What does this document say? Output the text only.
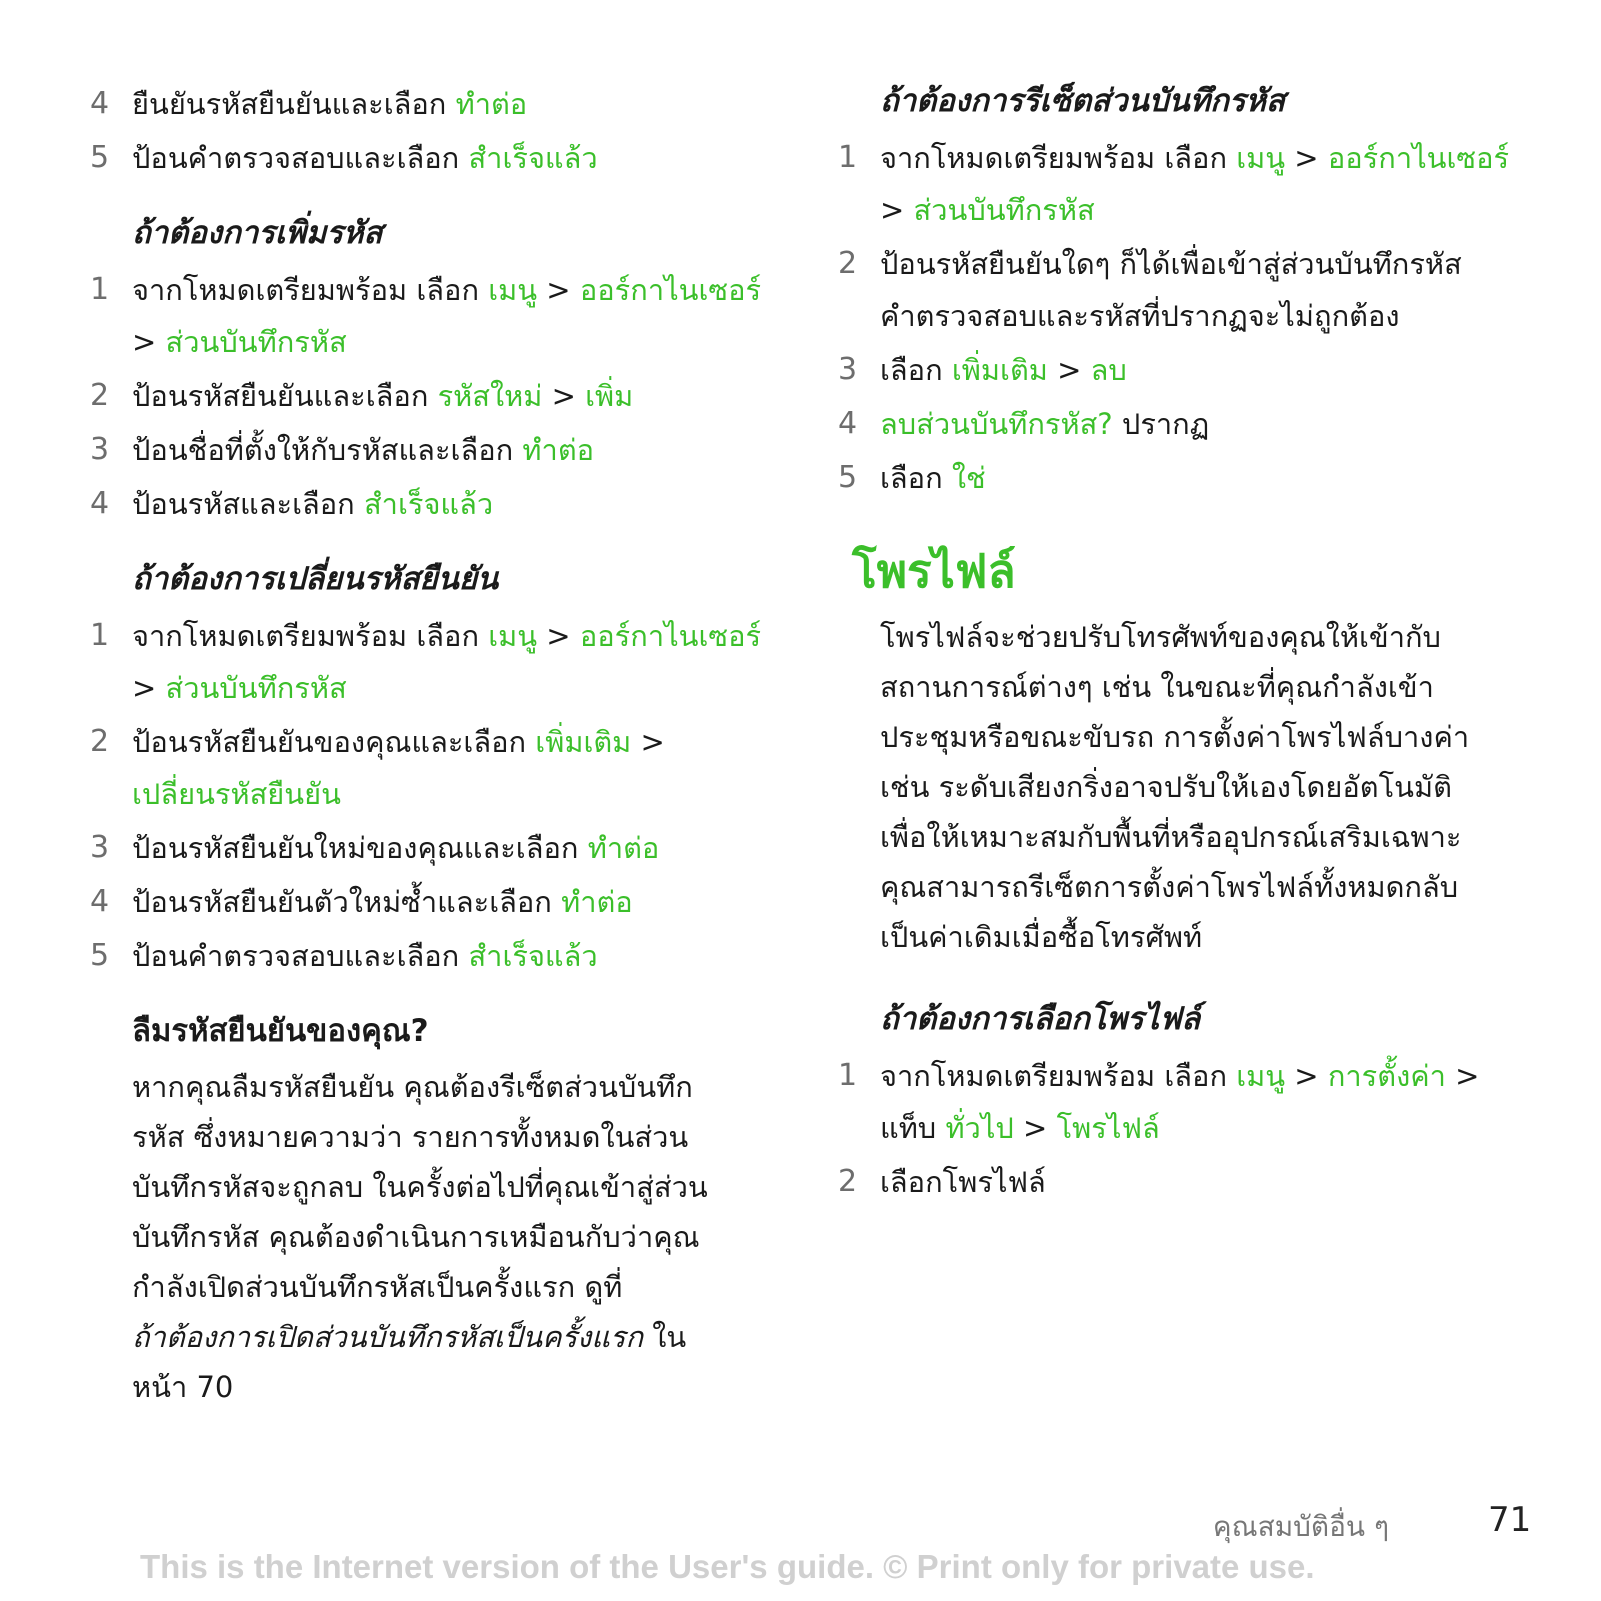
4 ยืนยันรหัสยืนยันและเลือก ทำต่อ
5 ป้อนคำตรวจสอบและเลือก สำเร็จแล้ว
ถ้าต้องการเพิ่มรหัส
1 จากโหมดเตรียมพร้อม เลือก เมนู > ออร์กาไนเซอร์
> ส่วนบันทึกรหัส
2 ป้อนรหัสยืนยันและเลือก รหัสใหม่ > เพิ่ม
3 ป้อนชื่อที่ตั้งให้กับรหัสและเลือก ทำต่อ
4 ป้อนรหัสและเลือก สำเร็จแล้ว
ถ้าต้องการเปลี่ยนรหัสยืนยัน
1 จากโหมดเตรียมพร้อม เลือก เมนู > ออร์กาไนเซอร์
> ส่วนบันทึกรหัส
2 ป้อนรหัสยืนยันของคุณและเลือก เพิ่มเติม >
เปลี่ยนรหัสยืนยัน
3 ป้อนรหัสยืนยันใหม่ของคุณและเลือก ทำต่อ
4 ป้อนรหัสยืนยันตัวใหม่ซ้ำและเลือก ทำต่อ
5 ป้อนคำตรวจสอบและเลือก สำเร็จแล้ว
ลืมรหัสยืนยันของคุณ?
หากคุณลืมรหัสยืนยัน คุณต้องรีเซ็ตส่วนบันทึก
รหัส ซึ่งหมายความว่า รายการทั้งหมดในส่วน
บันทึกรหัสจะถูกลบ ในครั้งต่อไปที่คุณเข้าสู่ส่วน
บันทึกรหัส คุณต้องดำเนินการเหมือนกับว่าคุณ
กำลังเปิดส่วนบันทึกรหัสเป็นครั้งแรก ดูที่
ถ้าต้องการเปิดส่วนบันทึกรหัสเป็นครั้งแรก ใน
หน้า 70
ถ้าต้องการรีเซ็ตส่วนบันทึกรหัส
1 จากโหมดเตรียมพร้อม เลือก เมนู > ออร์กาไนเซอร์
> ส่วนบันทึกรหัส
2 ป้อนรหัสยืนยันใดๆ ก็ได้เพื่อเข้าสู่ส่วนบันทึกรหัส
คำตรวจสอบและรหัสที่ปรากฏจะไม่ถูกต้อง
3 เลือก เพิ่มเติม > ลบ
4 ลบส่วนบันทึกรหัส? ปรากฏ
5 เลือก ใช่
โพรไฟล์
โพรไฟล์จะช่วยปรับโทรศัพท์ของคุณให้เข้ากับ
สถานการณ์ต่างๆ เช่น ในขณะที่คุณกำลังเข้า
ประชุมหรือขณะขับรถ การตั้งค่าโพรไฟล์บางค่า
เช่น ระดับเสียงกริ่งอาจปรับให้เองโดยอัตโนมัติ
เพื่อให้เหมาะสมกับพื้นที่หรืออุปกรณ์เสริมเฉพาะ
คุณสามารถรีเซ็ตการตั้งค่าโพรไฟล์ทั้งหมดกลับ
เป็นค่าเดิมเมื่อซื้อโทรศัพท์
ถ้าต้องการเลือกโพรไฟล์
1 จากโหมดเตรียมพร้อม เลือก เมนู > การตั้งค่า >
แท็บ ทั่วไป > โพรไฟล์
2 เลือกโพรไฟล์
คุณสมบัติอื่น ๆ	71
This is the Internet version of the User's guide. © Print only for private use.
